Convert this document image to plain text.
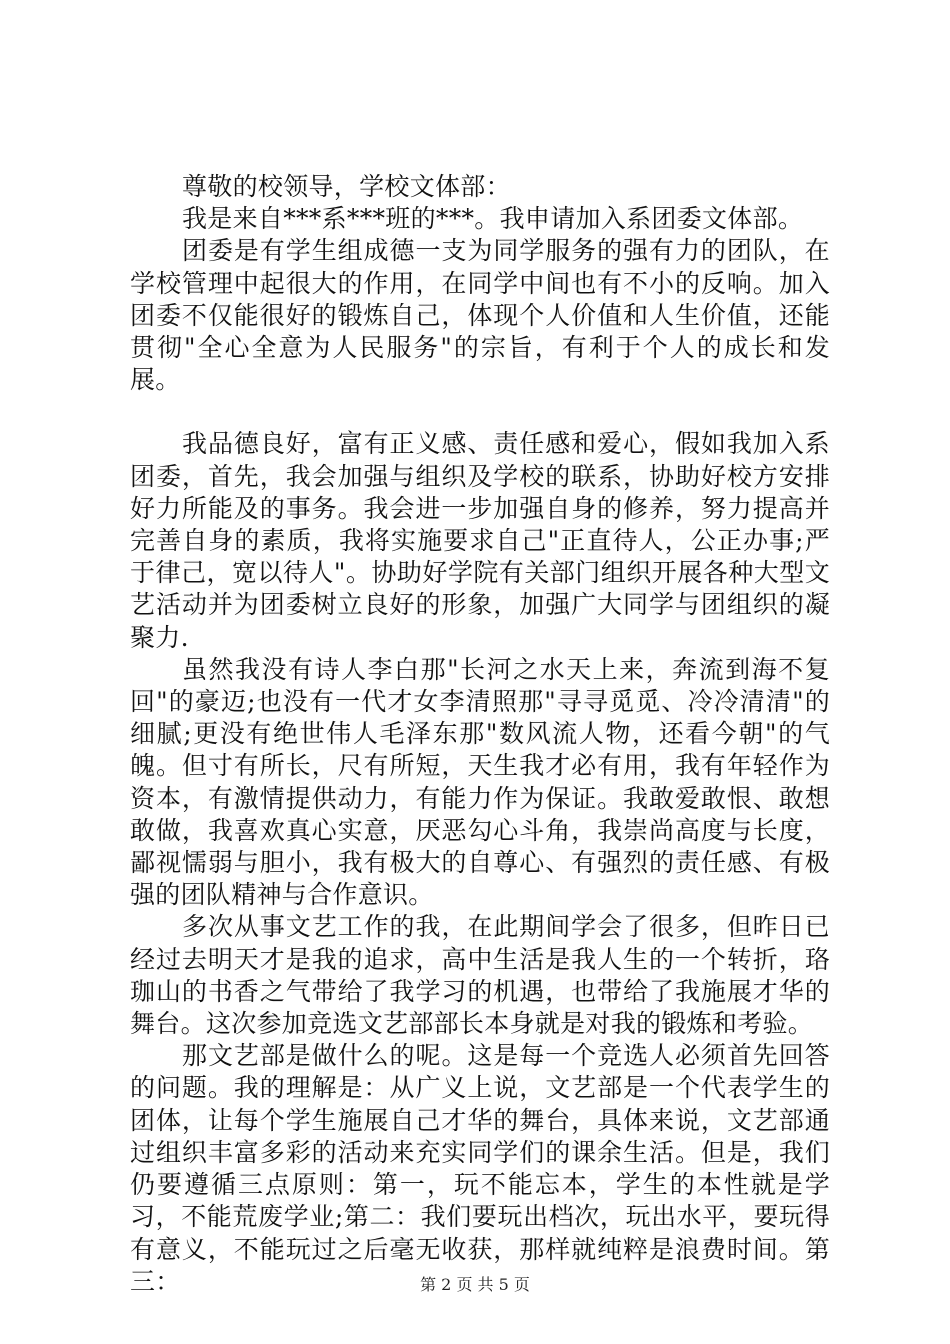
尊敬的校领导，学校文体部：

我是来自***系***班的***。我申请加入系团委文体部。

团委是有学生组成德一支为同学服务的强有力的团队，在学校管理中起很大的作用，在同学中间也有不小的反响。加入团委不仅能很好的锻炼自己，体现个人价值和人生价值，还能贯彻"全心全意为人民服务"的宗旨，有利于个人的成长和发展。

我品德良好，富有正义感、责任感和爱心，假如我加入系团委，首先，我会加强与组织及学校的联系，协助好校方安排好力所能及的事务。我会进一步加强自身的修养，努力提高并完善自身的素质，我将实施要求自己"正直待人，公正办事;严于律己，宽以待人"。协助好学院有关部门组织开展各种大型文艺活动并为团委树立良好的形象，加强广大同学与团组织的凝聚力.

虽然我没有诗人李白那"长河之水天上来，奔流到海不复回"的豪迈;也没有一代才女李清照那"寻寻觅觅、冷冷清清"的细腻;更没有绝世伟人毛泽东那"数风流人物，还看今朝"的气魄。但寸有所长，尺有所短，天生我才必有用，我有年轻作为资本，有激情提供动力，有能力作为保证。我敢爱敢恨、敢想敢做，我喜欢真心实意，厌恶勾心斗角，我崇尚高度与长度，鄙视懦弱与胆小，我有极大的自尊心、有强烈的责任感、有极强的团队精神与合作意识。

多次从事文艺工作的我，在此期间学会了很多，但昨日已经过去明天才是我的追求，高中生活是我人生的一个转折，珞珈山的书香之气带给了我学习的机遇，也带给了我施展才华的舞台。这次参加竞选文艺部部长本身就是对我的锻炼和考验。

那文艺部是做什么的呢。这是每一个竞选人必须首先回答的问题。我的理解是：从广义上说，文艺部是一个代表学生的团体，让每个学生施展自己才华的舞台，具体来说，文艺部通过组织丰富多彩的活动来充实同学们的课余生活。但是，我们仍要遵循三点原则：第一，玩不能忘本，学生的本性就是学习，不能荒废学业;第二：我们要玩出档次，玩出水平，要玩得有意义，不能玩过之后毫无收获，那样就纯粹是浪费时间。第三：	第 2 页 共 5 页
